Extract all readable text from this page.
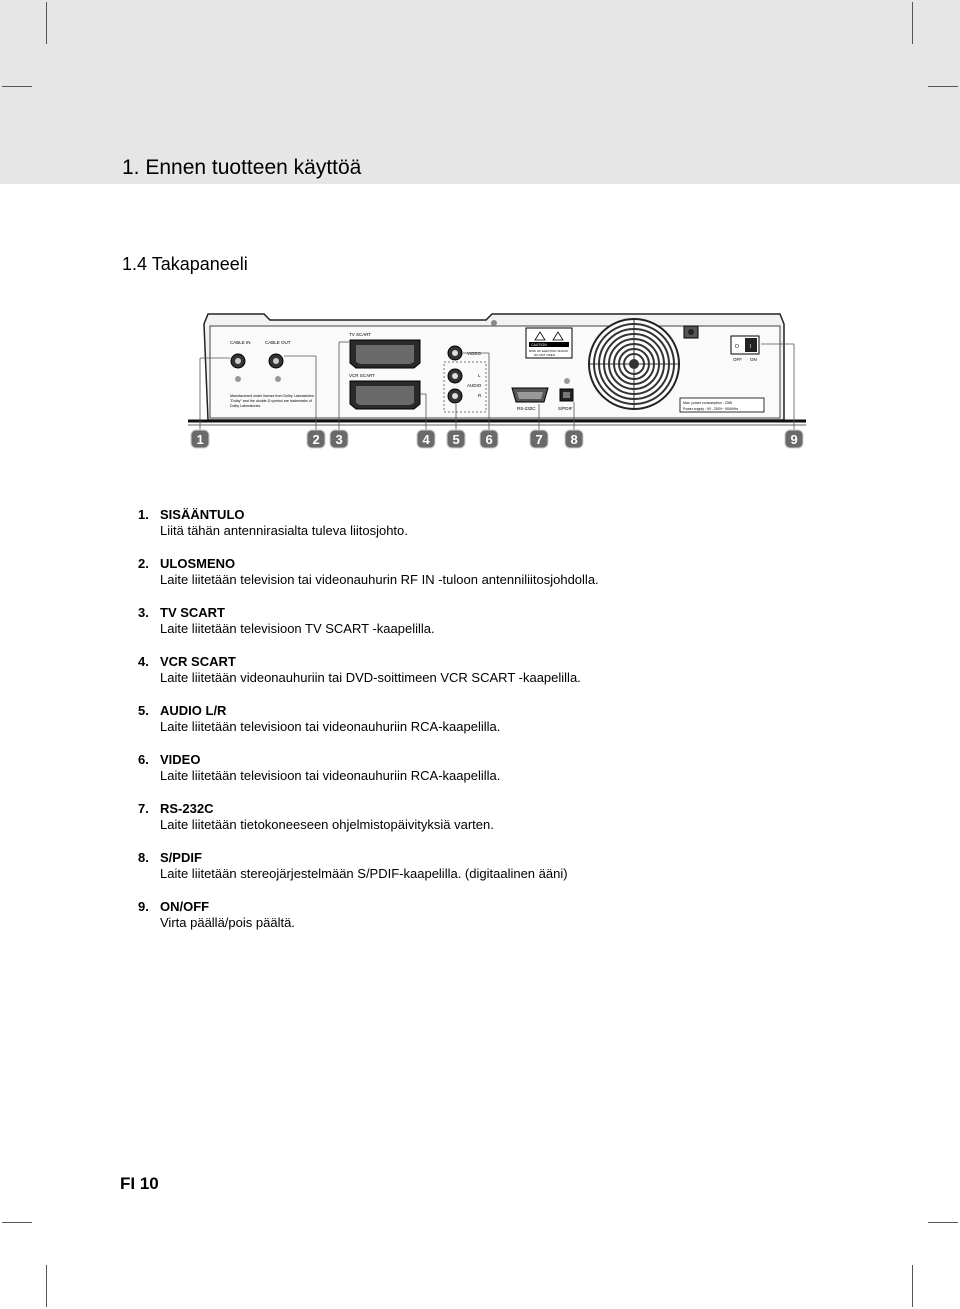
1. Ennen tuotteen käyttöä
1.4 Takapaneeli
CABLE IN	CABLE OUT
Manufactured under license from Dolby Laboratories.
"Dolby" and the double-D symbol are trademarks of
Dolby Laboratories.
TV SCART
VCR SCART
VIDEO
L
AUDIO
R
CAUTION
RISK OF ELECTRIC SHOCK
DO NOT OPEN
RS-232C	S/PDIF
O I
OFF ON
Max. power consumption : 23W
Power supply : 90 - 250V~ 50/60Hz
1	2 3	4 5 6	7 8	9
1. SISÄÄNTULO
Liitä tähän antennirasialta tuleva liitosjohto.
2. ULOSMENO
Laite liitetään television tai videonauhurin RF IN -tuloon antenniliitosjohdolla.
3. TV SCART
Laite liitetään televisioon TV SCART -kaapelilla.
4. VCR SCART
Laite liitetään videonauhuriin tai DVD-soittimeen VCR SCART -kaapelilla.
5. AUDIO L/R
Laite liitetään televisioon tai videonauhuriin RCA-kaapelilla.
6. VIDEO
Laite liitetään televisioon tai videonauhuriin RCA-kaapelilla.
7. RS-232C
Laite liitetään tietokoneeseen ohjelmistopäivityksiä varten.
8. S/PDIF
Laite liitetään stereojärjestelmään S/PDIF-kaapelilla. (digitaalinen ääni)
9. ON/OFF
Virta päällä/pois päältä.
FI 10
